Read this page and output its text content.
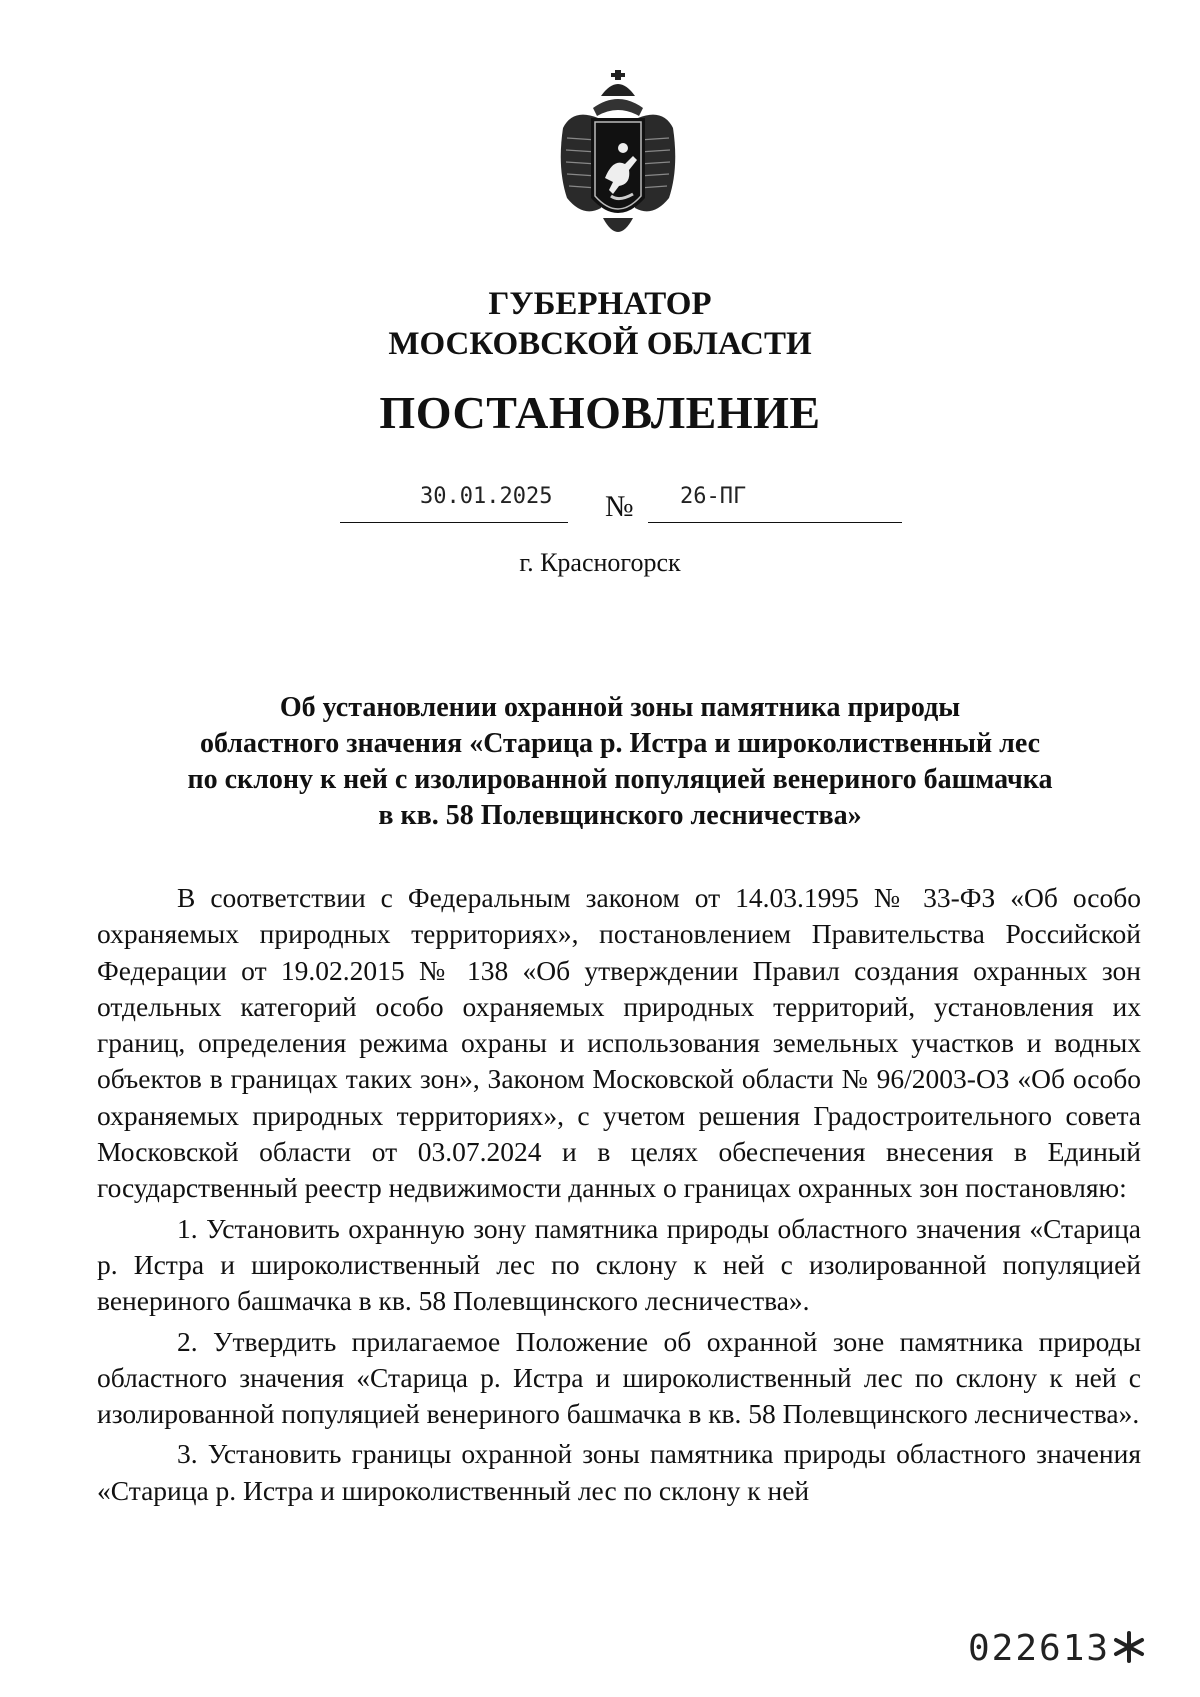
ГУБЕРНАТОР
МОСКОВСКОЙ ОБЛАСТИ
ПОСТАНОВЛЕНИЕ
30.01.2025 № 26-ПГ
г. Красногорск
Об установлении охранной зоны памятника природы
областного значения «Старица р. Истра и широколиственный лес
по склону к ней с изолированной популяцией венериного башмачка
в кв. 58 Полевщинского лесничества»

В соответствии с Федеральным законом от 14.03.1995 № 33-ФЗ «Об особо охраняемых природных территориях», постановлением Правительства Российской Федерации от 19.02.2015 № 138 «Об утверждении Правил создания охранных зон отдельных категорий особо охраняемых природных территорий, установления их границ, определения режима охраны и использования земельных участков и водных объектов в границах таких зон», Законом Московской области № 96/2003-ОЗ «Об особо охраняемых природных территориях», с учетом решения Градостроительного совета Московской области от 03.07.2024 и в целях обеспечения внесения в Единый государственный реестр недвижимости данных о границах охранных зон постановляю:

1. Установить охранную зону памятника природы областного значения «Старица р. Истра и широколиственный лес по склону к ней с изолированной популяцией венериного башмачка в кв. 58 Полевщинского лесничества».

2. Утвердить прилагаемое Положение об охранной зоне памятника природы областного значения «Старица р. Истра и широколиственный лес по склону к ней с изолированной популяцией венериного башмачка в кв. 58 Полевщинского лесничества».

3. Установить границы охранной зоны памятника природы областного значения «Старица р. Истра и широколиственный лес по склону к ней

022613
